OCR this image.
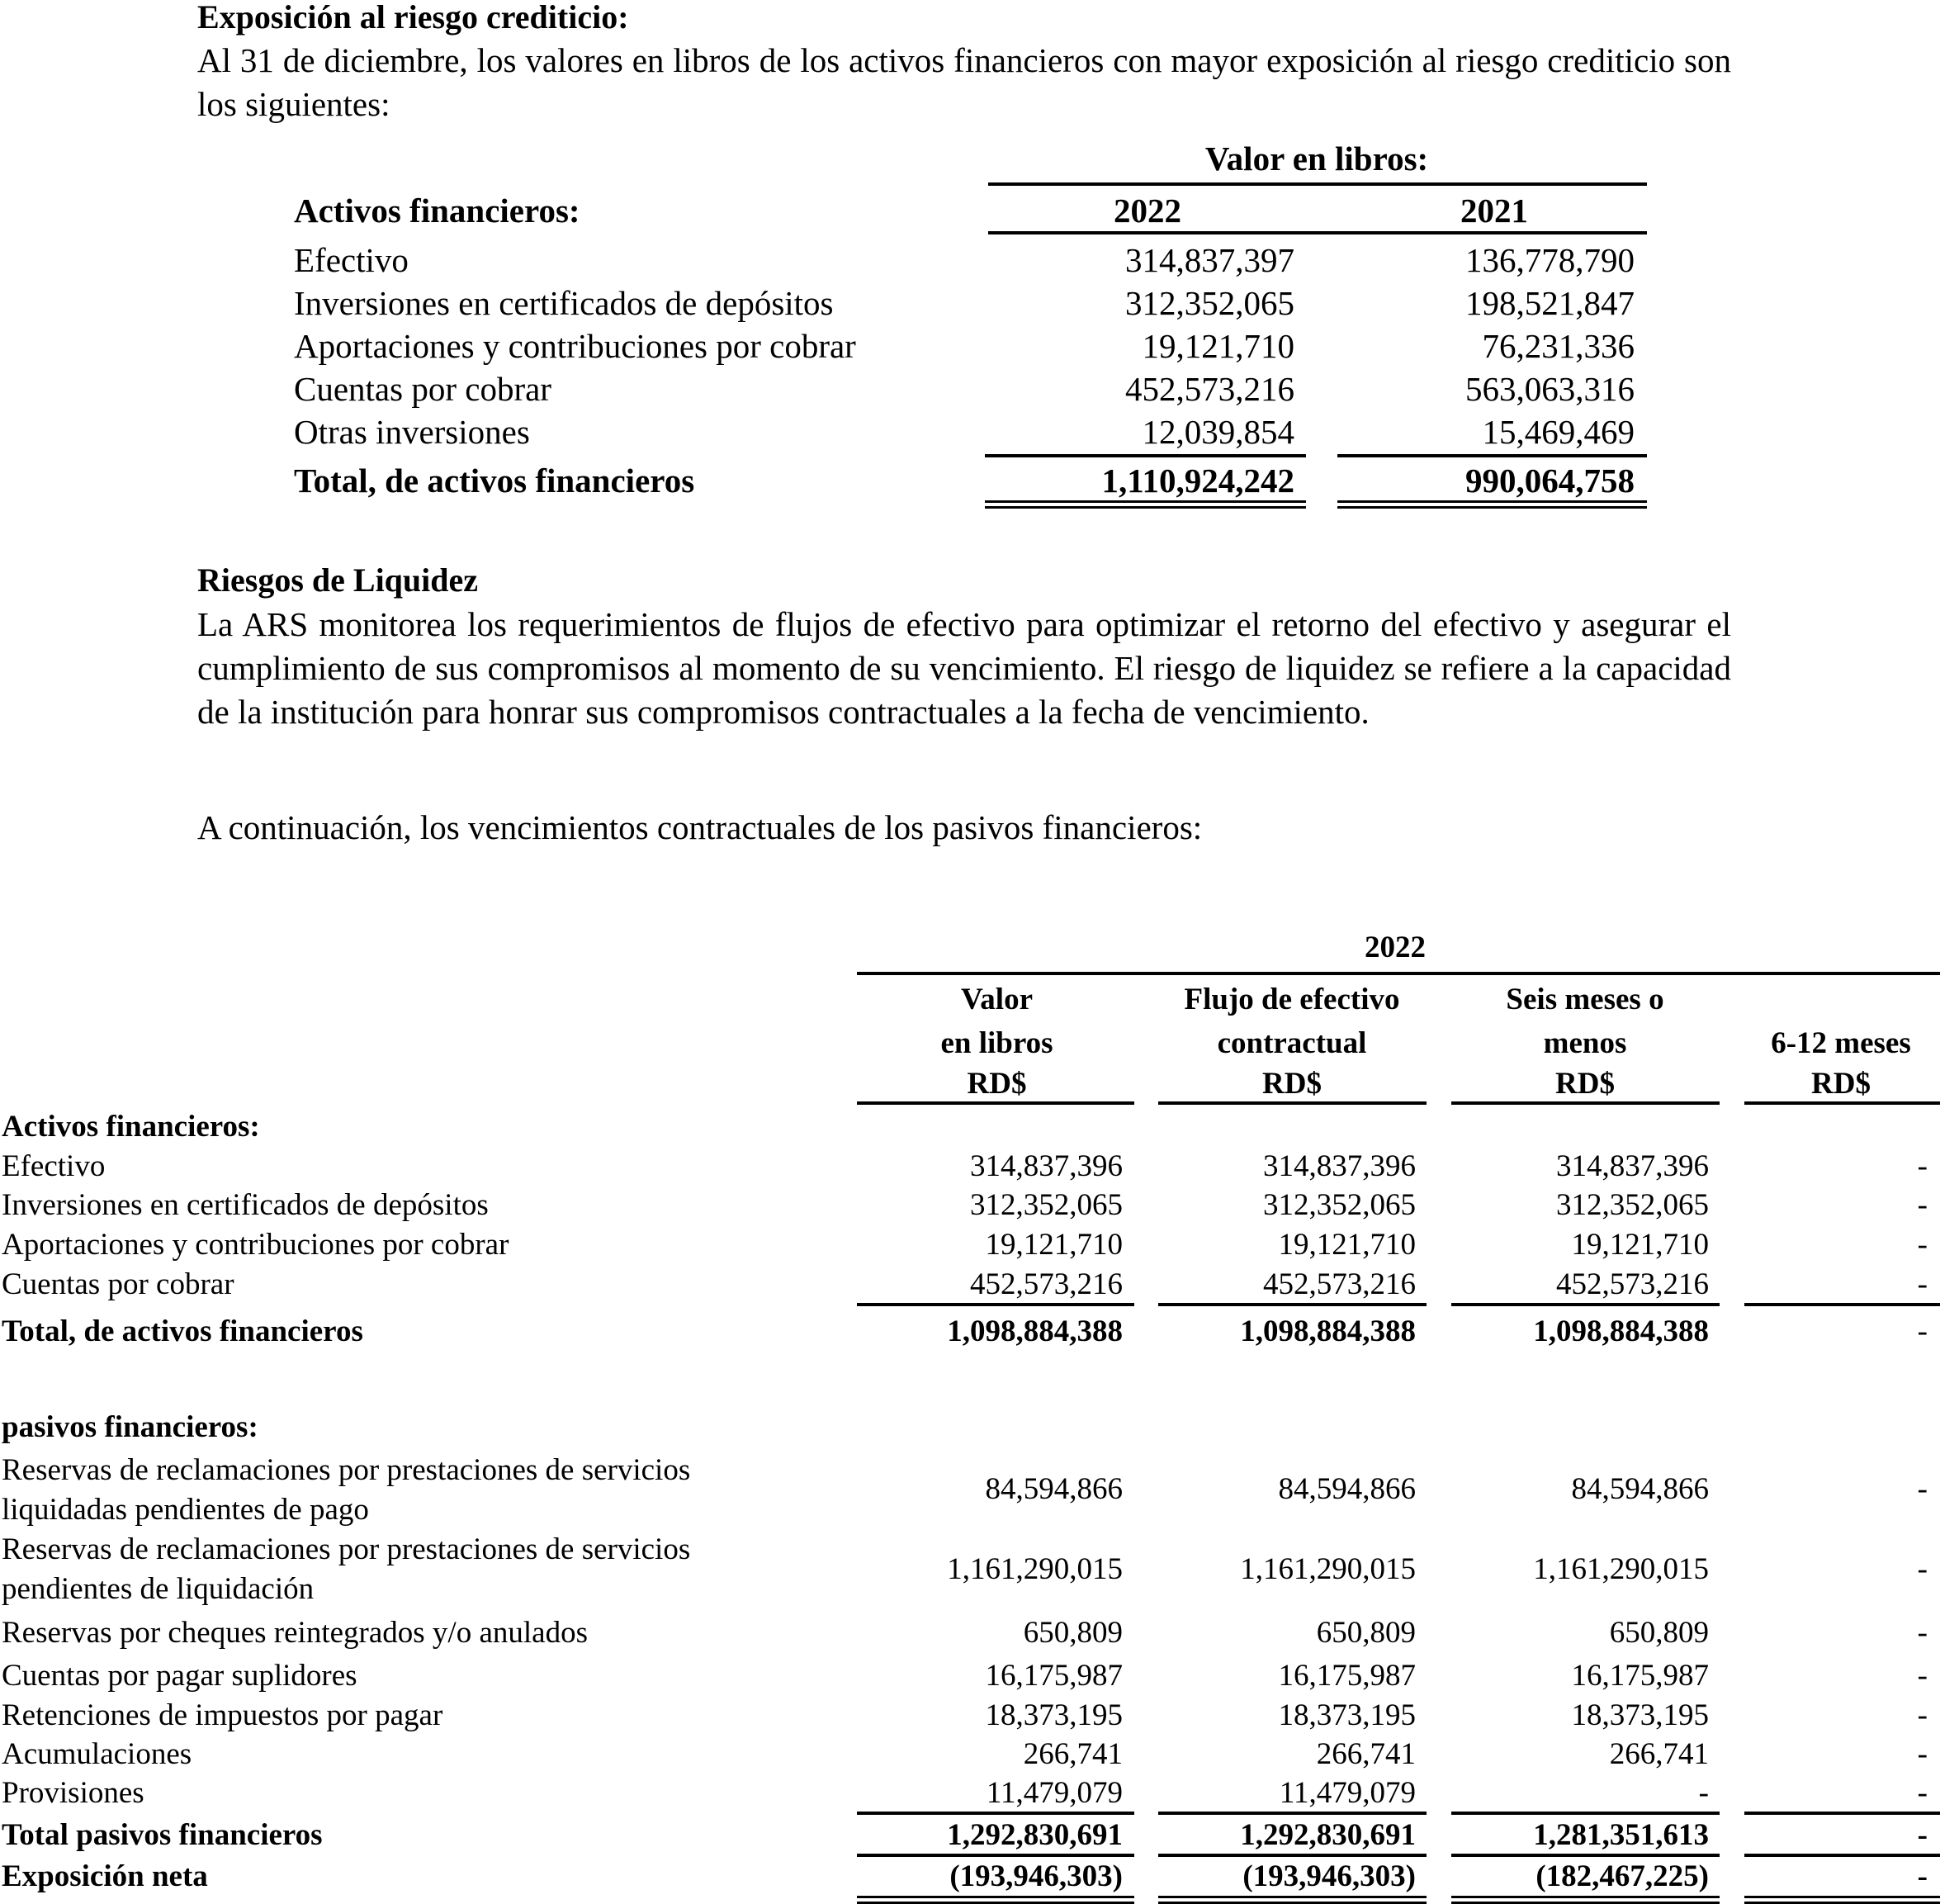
Exposición al riesgo crediticio:
Al 31 de diciembre, los valores en libros de los activos financieros con mayor exposición al riesgo crediticio son los siguientes:
Valor en libros:
Activos financieros:	2022	2021
Efectivo	314,837,397	136,778,790
Inversiones en certificados de depósitos	312,352,065	198,521,847
Aportaciones y contribuciones por cobrar	19,121,710	76,231,336
Cuentas por cobrar	452,573,216	563,063,316
Otras inversiones	12,039,854	15,469,469
Total, de activos financieros	1,110,924,242	990,064,758
Riesgos de Liquidez
La ARS monitorea los requerimientos de flujos de efectivo para optimizar el retorno del efectivo y asegurar el cumplimiento de sus compromisos al momento de su vencimiento. El riesgo de liquidez se refiere a la capacidad de la institución para honrar sus compromisos contractuales a la fecha de vencimiento.
A continuación, los vencimientos contractuales de los pasivos financieros:
2022
Valor
en libros
RD$
Flujo de efectivo
contractual
RD$
Seis meses o
menos
RD$
6-12 meses
RD$
Activos financieros:
Efectivo	314,837,396	314,837,396	314,837,396	-
Inversiones en certificados de depósitos	312,352,065	312,352,065	312,352,065	-
Aportaciones y contribuciones por cobrar	19,121,710	19,121,710	19,121,710	-
Cuentas por cobrar	452,573,216	452,573,216	452,573,216	-
Total, de activos financieros	1,098,884,388	1,098,884,388	1,098,884,388	-
pasivos financieros:
Reservas de reclamaciones por prestaciones de servicios
liquidadas pendientes de pago
84,594,866	84,594,866	84,594,866	-
Reservas de reclamaciones por prestaciones de servicios
pendientes de liquidación
1,161,290,015	1,161,290,015	1,161,290,015	-
Reservas por cheques reintegrados y/o anulados	650,809	650,809	650,809	-
Cuentas por pagar suplidores	16,175,987	16,175,987	16,175,987	-
Retenciones de impuestos por pagar	18,373,195	18,373,195	18,373,195	-
Acumulaciones	266,741	266,741	266,741	-
Provisiones	11,479,079	11,479,079	-	-
Total pasivos financieros	1,292,830,691	1,292,830,691	1,281,351,613	-
Exposición neta	(193,946,303)	(193,946,303)	(182,467,225)	-
